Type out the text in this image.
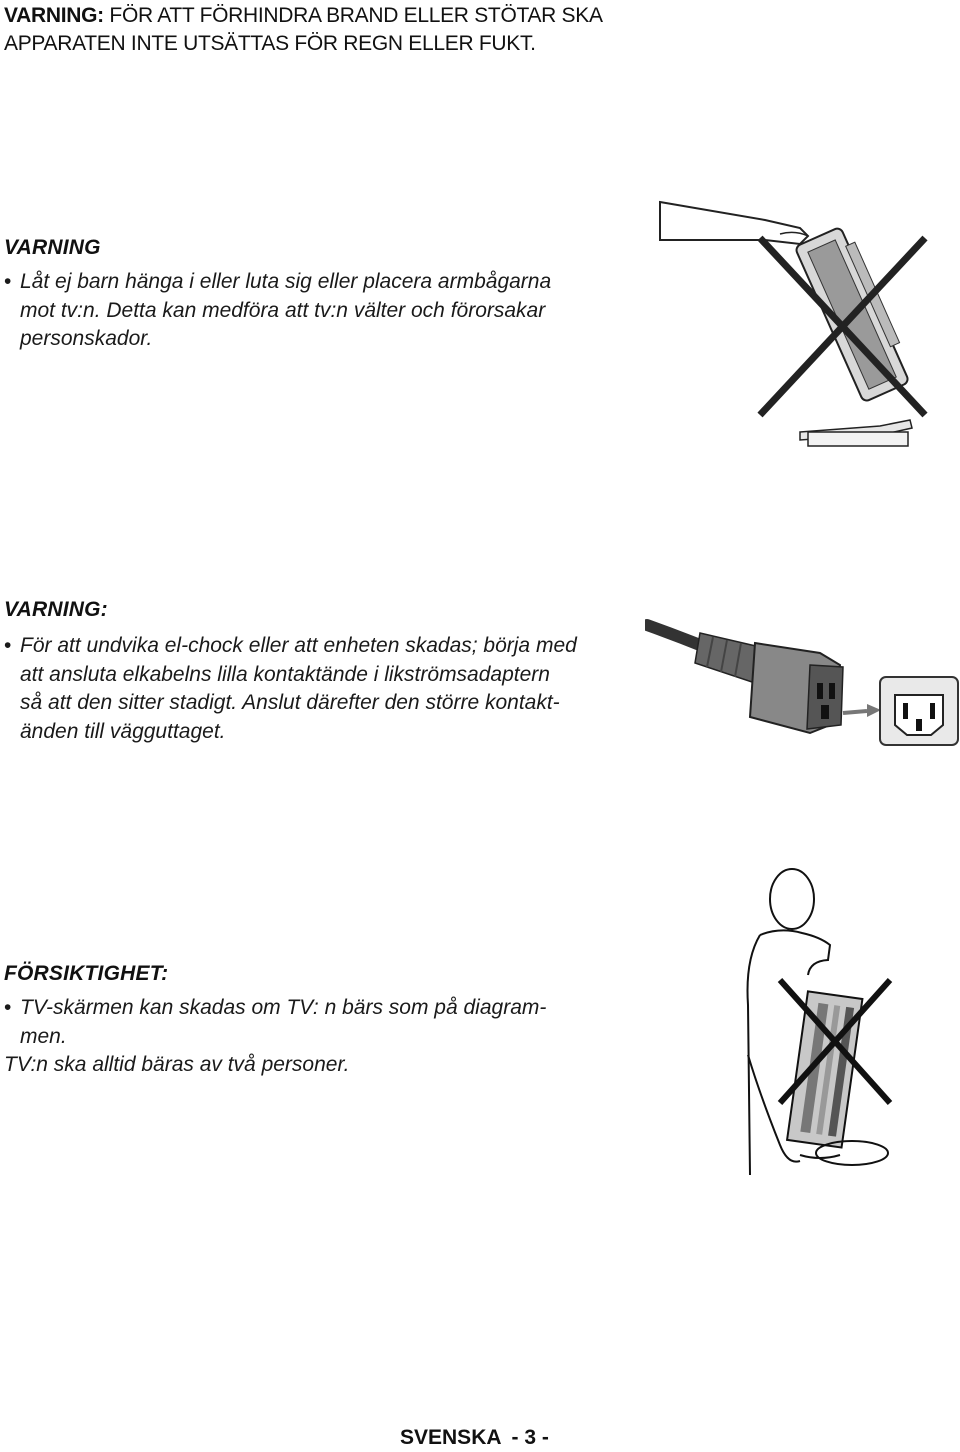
VARNING: FÖR ATT FÖRHINDRA BRAND ELLER STÖTAR SKA
APPARATEN INTE UTSÄTTAS FÖR REGN ELLER FUKT.
VARNING
• Låt ej barn hänga i eller luta sig eller placera armbågarna
mot tv:n. Detta kan medföra att tv:n välter och förorsakar
personskador.
VARNING:
• För att undvika el-chock eller att enheten skadas; börja med
att ansluta elkabelns lilla kontaktände i likströmsadaptern
så att den sitter stadigt. Anslut därefter den större kontakt-
änden till vägguttaget.
FÖRSIKTIGHET:
• TV-skärmen kan skadas om TV: n bärs som på diagram-
men.
TV:n ska alltid bäras av två personer.
SVENSKA - 3 -
